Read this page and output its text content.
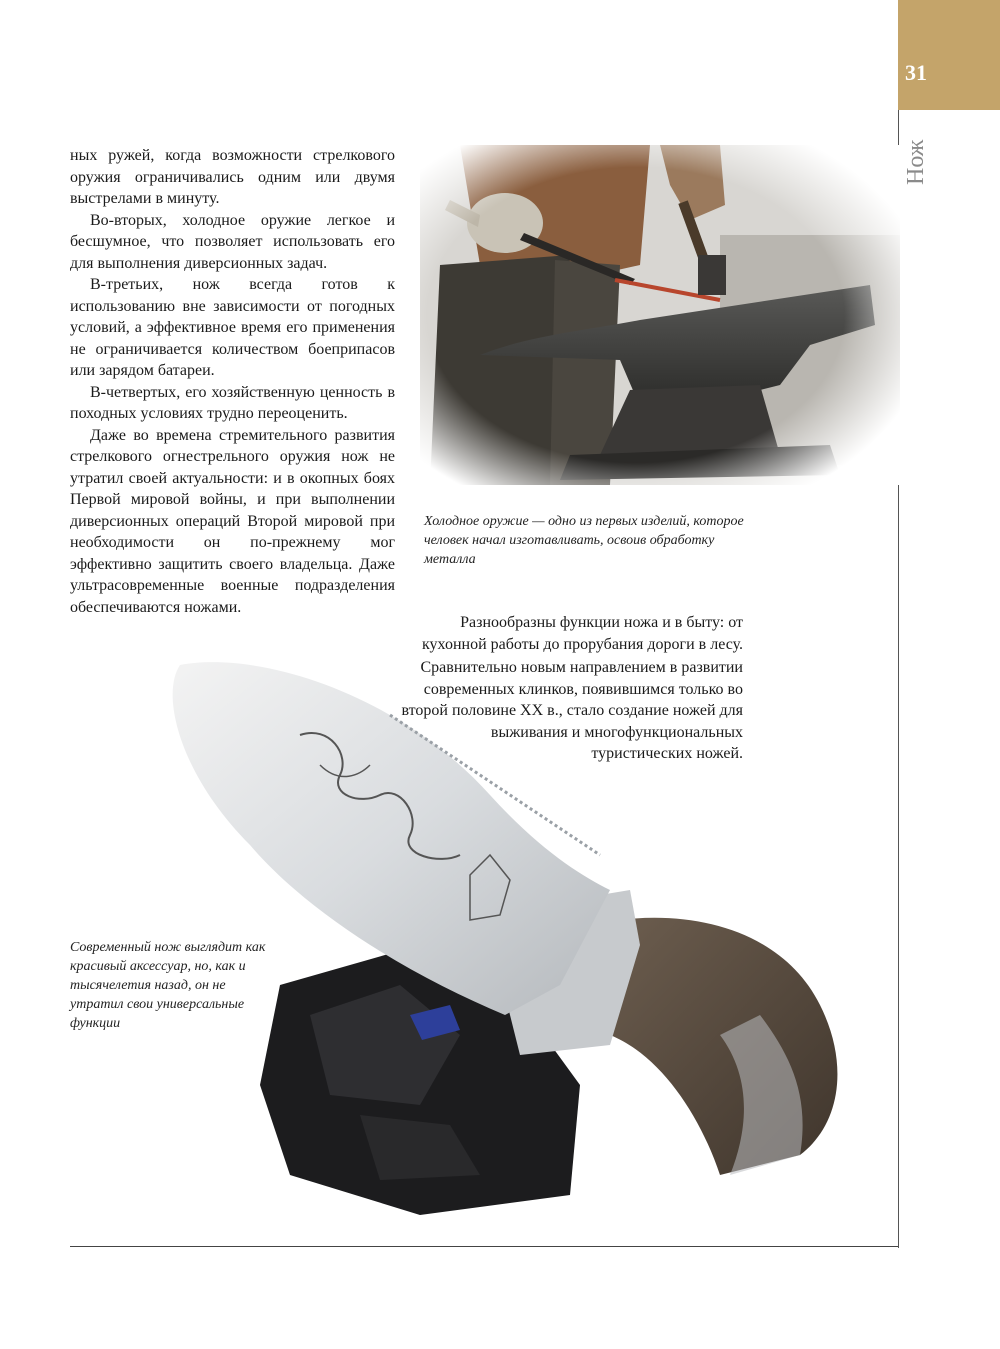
31
Нож

ных ружей, когда возможности стрелкового оружия ограничивались одним или двумя выстрелами в минуту.

Во-вторых, холодное оружие легкое и бесшумное, что позволяет использовать его для выполнения диверсионных задач.

В-третьих, нож всегда готов к использованию вне зависимости от погодных условий, а эффективное время его применения не ограничивается количеством боеприпасов или зарядом батареи.

В-четвертых, его хозяйственную ценность в походных условиях трудно переоценить.

Даже во времена стремительного развития стрелкового огнестрельного оружия нож не утратил своей актуальности: и в окопных боях Первой мировой войны, и при выполнении диверсионных операций Второй мировой при необходимости он по-прежнему мог эффективно защитить своего владельца. Даже ультрасовременные военные подразделения обеспечиваются ножами.

Холодное оружие — одно из первых изделий, которое человек начал изготавливать, освоив обработку металла

Разнообразны функции ножа и в быту: от кухонной работы до прорубания дороги в лесу.

Сравнительно новым направлением в развитии современных клинков, появившимся только во второй половине XX в., стало создание ножей для выживания и многофункциональных туристических ножей.

Современный нож выглядит как красивый аксессуар, но, как и тысячелетия назад, он не утратил свои универсальные функции
